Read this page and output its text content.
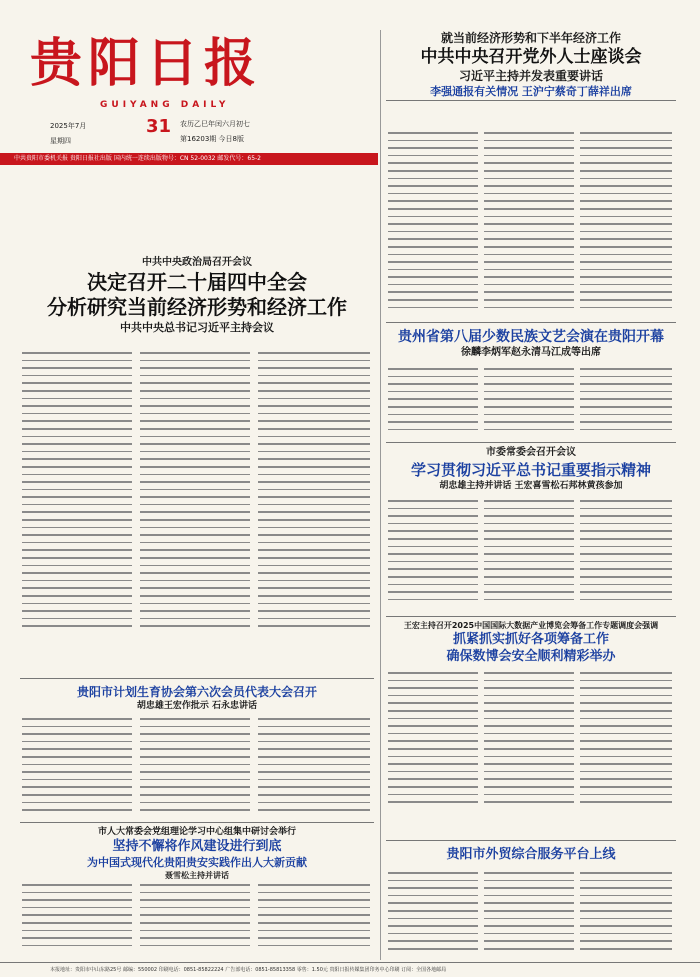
贵阳日报
GUIYANG DAILY
2025年7月
星期四
31 农历乙巳年闰六月初七
第16203期 今日8版
中共贵阳市委机关报 贵阳日报社出版 国内统一连续出版物号：CN 52-0032 邮发代号：65-2
就当前经济形势和下半年经济工作
中共中央召开党外人士座谈会
习近平主持并发表重要讲话
李强通报有关情况 王沪宁蔡奇丁薛祥出席
中共中央政治局召开会议
决定召开二十届四中全会
分析研究当前经济形势和经济工作
中共中央总书记习近平主持会议
贵州省第八届少数民族文艺会演在贵阳开幕
徐麟李炳军赵永清马江成等出席
市委常委会召开会议
学习贯彻习近平总书记重要指示精神
胡忠雄主持并讲话 王宏喜雪松石邦林黄孩参加
贵阳市计划生育协会第六次会员代表大会召开
胡忠雄王宏作批示 石永忠讲话
王宏主持召开2025中国国际大数据产业博览会筹备工作专题调度会强调
抓紧抓实抓好各项筹备工作
确保数博会安全顺利精彩举办
市人大常委会党组理论学习中心组集中研讨会举行
坚持不懈将作风建设进行到底
为中国式现代化贵阳贵安实践作出人大新贡献
聂雪松主持并讲话
贵阳市外贸综合服务平台上线
本报地址：贵阳市中山东路25号 邮编：550002 印刷电话：0851-85822224 广告部电话：0851-85813358 零售：1.50元 贵阳日报传媒集团印务中心印刷 订阅：全国各地邮局
